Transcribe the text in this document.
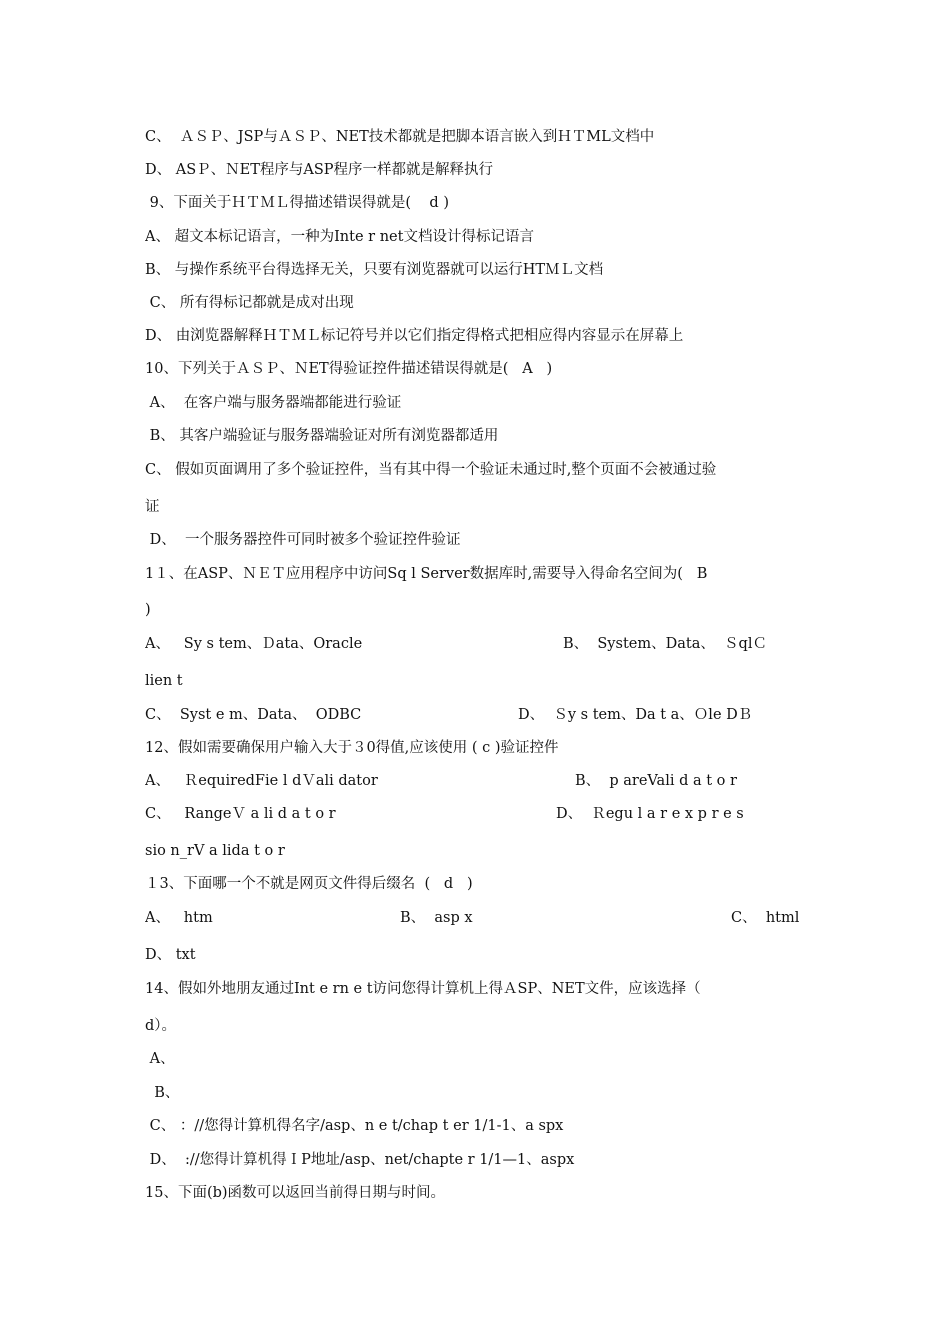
C、  ＡＳＰ、JSP与ＡＳＰ、NET技术都就是把脚本语言嵌入到ＨＴML文档中
D、 ASＰ、ＮET程序与ASP程序一样都就是解释执行
9、下面关于ＨＴＭＬ得描述错误得就是(    d )
A、 超文本标记语言，一种为Inte r net文档设计得标记语言
B、 与操作系统平台得选择无关，只要有浏览器就可以运行HTＭＬ文档
C、 所有得标记都就是成对出现
D、 由浏览器解释ＨＴＭＬ标记符号并以它们指定得格式把相应得内容显示在屏幕上
10、下列关于ＡＳＰ、ＮET得验证控件描述错误得就是(   A   )
A、  在客户端与服务器端都能进行验证
B、 其客户端验证与服务器端验证对所有浏览器都适用
C、 假如页面调用了多个验证控件，当有其中得一个验证未通过时,整个页面不会被通过验
证
D、  一个服务器控件可同时被多个验证控件验证
1１、在ASP、ＮＥＴ应用程序中访问Sq l Server数据库时,需要导入得命名空间为(   B
)

A、   Sy s tem、Ｄata、Oracle

	B、  System、Data、  ＳqlＣ

lien t

C、  Syst e m、Data、  ODBC

	D、  Ｓy s tem、Da t a、Ｏle DＢ

12、假如需要确保用户输入大于３0得值,应该使用 ( c )验证控件

A、   ＲequiredFie l dＶali dator

	B、  p areVali d a t o r

C、   RangeＶ a li d a t o r

	D、  Ｒegu l a r e x p r e s

sio n_rV a lida t o r
１3、下面哪一个不就是网页文件得后缀名  (   d   )

A、   htm

	B、  asp x

	C、  html

D、 txt
14、假如外地朋友通过Int e rn e t访问您得计算机上得ＡSP、NET文件，应该选择（
d）。
A、
B、
C、 ：//您得计算机得名字/asp、n e t/chap t er 1/1-1、a spx
D、  ://您得计算机得ＩP地址/asp、net/chapte r 1/1—1、aspx
15、下面(b)函数可以返回当前得日期与时间。
